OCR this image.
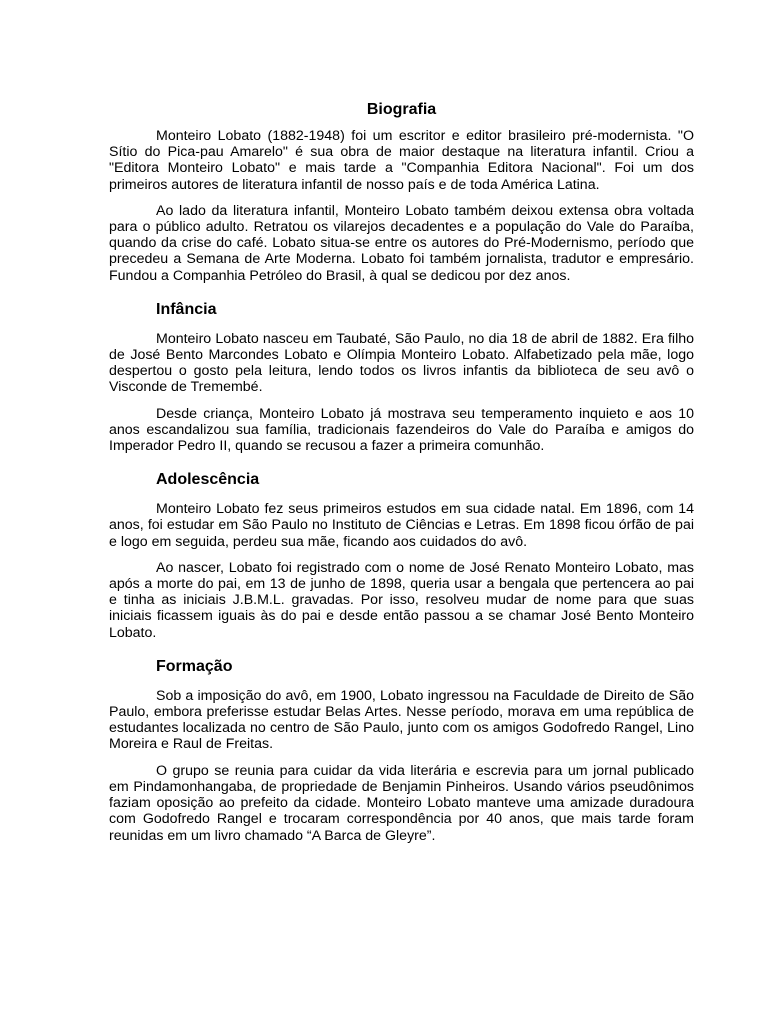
Biografia

Monteiro Lobato (1882-1948) foi um escritor e editor brasileiro pré-modernista. "O Sítio do Pica-pau Amarelo" é sua obra de maior destaque na literatura infantil. Criou a "Editora Monteiro Lobato" e mais tarde a "Companhia Editora Nacional". Foi um dos primeiros autores de literatura infantil de nosso país e de toda América Latina.

Ao lado da literatura infantil, Monteiro Lobato também deixou extensa obra voltada para o público adulto. Retratou os vilarejos decadentes e a população do Vale do Paraíba, quando da crise do café. Lobato situa-se entre os autores do Pré-Modernismo, período que precedeu a Semana de Arte Moderna. Lobato foi também jornalista, tradutor e empresário. Fundou a Companhia Petróleo do Brasil, à qual se dedicou por dez anos.

Infância

Monteiro Lobato nasceu em Taubaté, São Paulo, no dia 18 de abril de 1882. Era filho de José Bento Marcondes Lobato e Olímpia Monteiro Lobato. Alfabetizado pela mãe, logo despertou o gosto pela leitura, lendo todos os livros infantis da biblioteca de seu avô o Visconde de Tremembé.

Desde criança, Monteiro Lobato já mostrava seu temperamento inquieto e aos 10 anos escandalizou sua família, tradicionais fazendeiros do Vale do Paraíba e amigos do Imperador Pedro II, quando se recusou a fazer a primeira comunhão.

Adolescência

Monteiro Lobato fez seus primeiros estudos em sua cidade natal. Em 1896, com 14 anos, foi estudar em São Paulo no Instituto de Ciências e Letras. Em 1898 ficou órfão de pai e logo em seguida, perdeu sua mãe, ficando aos cuidados do avô.

Ao nascer, Lobato foi registrado com o nome de José Renato Monteiro Lobato, mas após a morte do pai, em 13 de junho de 1898, queria usar a bengala que pertencera ao pai e tinha as iniciais J.B.M.L. gravadas. Por isso, resolveu mudar de nome para que suas iniciais ficassem iguais às do pai e desde então passou a se chamar José Bento Monteiro Lobato.

Formação

Sob a imposição do avô, em 1900, Lobato ingressou na Faculdade de Direito de São Paulo, embora preferisse estudar Belas Artes. Nesse período, morava em uma república de estudantes localizada no centro de São Paulo, junto com os amigos Godofredo Rangel, Lino Moreira e Raul de Freitas.

O grupo se reunia para cuidar da vida literária e escrevia para um jornal publicado em Pindamonhangaba, de propriedade de Benjamin Pinheiros. Usando vários pseudônimos faziam oposição ao prefeito da cidade. Monteiro Lobato manteve uma amizade duradoura com Godofredo Rangel e trocaram correspondência por 40 anos, que mais tarde foram reunidas em um livro chamado “A Barca de Gleyre”.
